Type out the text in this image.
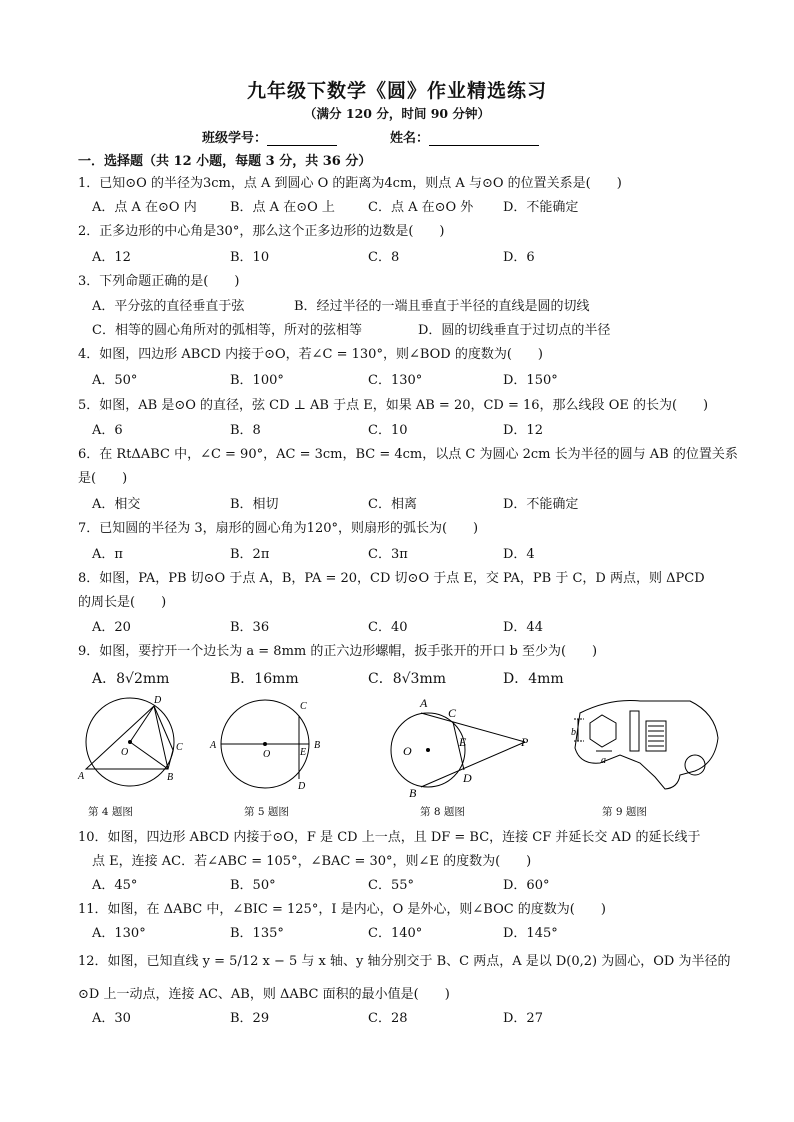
九年级下数学《圆》作业精选练习
（满分 120 分，时间 90 分钟）
班级学号：	姓名：
一．选择题（共 12 小题，每题 3 分，共 36 分）
1．已知⊙O 的半径为3cm，点 A 到圆心 O 的距离为4cm，则点 A 与⊙O 的位置关系是(　　)
A．点 A 在⊙O 内	B．点 A 在⊙O 上	C．点 A 在⊙O 外 D．不能确定
2．正多边形的中心角是30°，那么这个正多边形的边数是(　　)
A．12	B．10	C．8	D．6
3．下列命题正确的是(　　)
A．平分弦的直径垂直于弦	B．经过半径的一端且垂直于半径的直线是圆的切线
C．相等的圆心角所对的弧相等，所对的弦相等	D．圆的切线垂直于过切点的半径
4．如图，四边形 ABCD 内接于⊙O，若∠C = 130°，则∠BOD 的度数为(　　)
A．50°	B．100°	C．130°	D．150°
5．如图，AB 是⊙O 的直径，弦 CD ⊥ AB 于点 E，如果 AB = 20，CD = 16，那么线段 OE 的长为(　　)
A．6	B．8	C．10	D．12
6．在 RtΔABC 中，∠C = 90°，AC = 3cm，BC = 4cm，以点 C 为圆心 2cm 长为半径的圆与 AB 的位置关系
是(　　)
A．相交	B．相切	C．相离	D．不能确定
7．已知圆的半径为 3，扇形的圆心角为120°，则扇形的弧长为(　　)
A．π	B．2π	C．3π	D．4
8．如图，PA，PB 切⊙O 于点 A，B，PA = 20，CD 切⊙O 于点 E，交 PA，PB 于 C，D 两点，则 ΔPCD
的周长是(　　)
A．20	B．36	C．40	D．44
9．如图，要拧开一个边长为 a = 8mm 的正六边形螺帽，扳手张开的开口 b 至少为(　　)
A．8√2mm	B．16mm	C．8√3mm	D．4mm
D
O	C
A	B
第 4 题图
C
A
O	E
B
D
第 5 题图
A
C
O
E	P
D
B
第 8 题图
b
a
第 9 题图
10．如图，四边形 ABCD 内接于⊙O，F 是 CD 上一点，且 DF = BC，连接 CF 并延长交 AD 的延长线于
点 E，连接 AC．若∠ABC = 105°，∠BAC = 30°，则∠E 的度数为(　　)
A．45°	B．50°	C．55°	D．60°
11．如图，在 ΔABC 中，∠BIC = 125°，I 是内心，O 是外心，则∠BOC 的度数为(　　)
A．130°	B．135°	C．140°	D．145°
12．如图，已知直线 y = 5/12 x − 5 与 x 轴、y 轴分别交于 B、C 两点，A 是以 D(0,2) 为圆心，OD 为半径的
⊙D 上一动点，连接 AC、AB，则 ΔABC 面积的最小值是(　　)
A．30	B．29	C．28	D．27
